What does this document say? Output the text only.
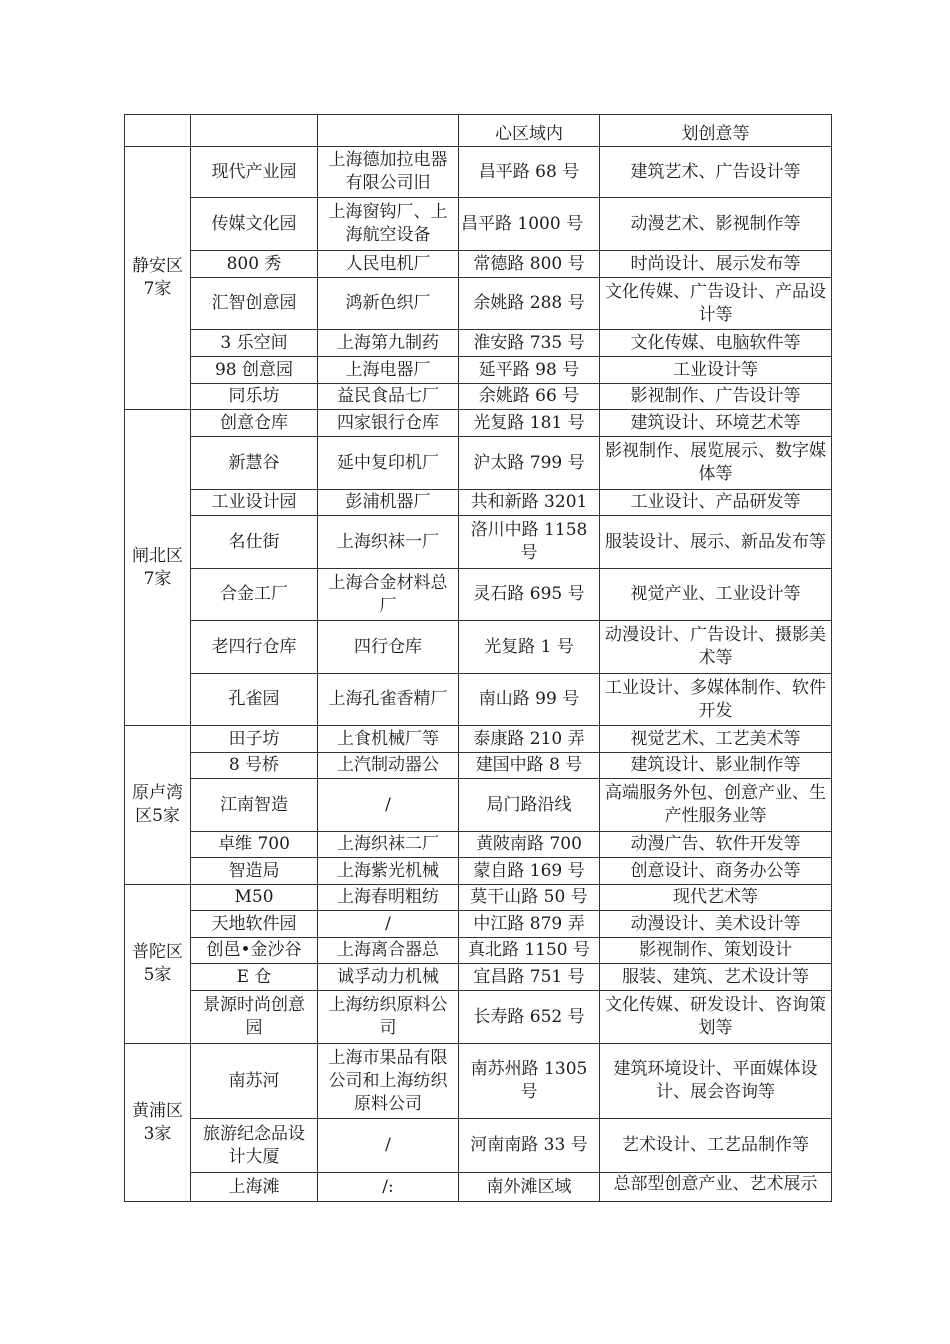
			心区域内	划创意等
静安区7家	现代产业园	上海德加拉电器有限公司旧	昌平路 68 号	建筑艺术、广告设计等
	传媒文化园	上海窗钩厂、上海航空设备	昌平路 1000 号	动漫艺术、影视制作等
	800 秀	人民电机厂	常德路 800 号	时尚设计、展示发布等
	汇智创意园	鸿新色织厂	余姚路 288 号	文化传媒、广告设计、产品设计等
	3 乐空间	上海第九制药	淮安路 735 号	文化传媒、电脑软件等
	98 创意园	上海电器厂	延平路 98 号	工业设计等
	同乐坊	益民食品七厂	余姚路 66 号	影视制作、广告设计等
闸北区7家	创意仓库	四家银行仓库	光复路 181 号	建筑设计、环境艺术等
	新慧谷	延中复印机厂	沪太路 799 号	影视制作、展览展示、数字媒体等
	工业设计园	彭浦机器厂	共和新路 3201	工业设计、产品研发等
	名仕街	上海织袜一厂	洛川中路 1158 号	服装设计、展示、新品发布等
	合金工厂	上海合金材料总厂	灵石路 695 号	视觉产业、工业设计等
	老四行仓库	四行仓库	光复路 1 号	动漫设计、广告设计、摄影美术等
	孔雀园	上海孔雀香精厂	南山路 99 号	工业设计、多媒体制作、软件开发
原卢湾区5家	田子坊	上食机械厂等	泰康路 210 弄	视觉艺术、工艺美术等
	8 号桥	上汽制动器公	建国中路 8 号	建筑设计、影业制作等
	江南智造	/	局门路沿线	高端服务外包、创意产业、生产性服务业等
	卓维 700	上海织袜二厂	黄陂南路 700	动漫广告、软件开发等
	智造局	上海紫光机械	蒙自路 169 号	创意设计、商务办公等
普陀区5家	M50	上海春明粗纺	莫干山路 50 号	现代艺术等
	天地软件园	/	中江路 879 弄	动漫设计、美术设计等
	创邑•金沙谷	上海离合器总	真北路 1150 号	影视制作、策划设计
	E 仓	诚孚动力机械	宜昌路 751 号	服装、建筑、艺术设计等
	景源时尚创意园	上海纺织原料公司	长寿路 652 号	文化传媒、研发设计、咨询策划等
黄浦区3家	南苏河	上海市果品有限公司和上海纺织原料公司	南苏州路 1305 号	建筑环境设计、平面媒体设计、展会咨询等
	旅游纪念品设计大厦	/	河南南路 33 号	艺术设计、工艺品制作等
	上海滩	/:	南外滩区域	总部型创意产业、艺术展示
